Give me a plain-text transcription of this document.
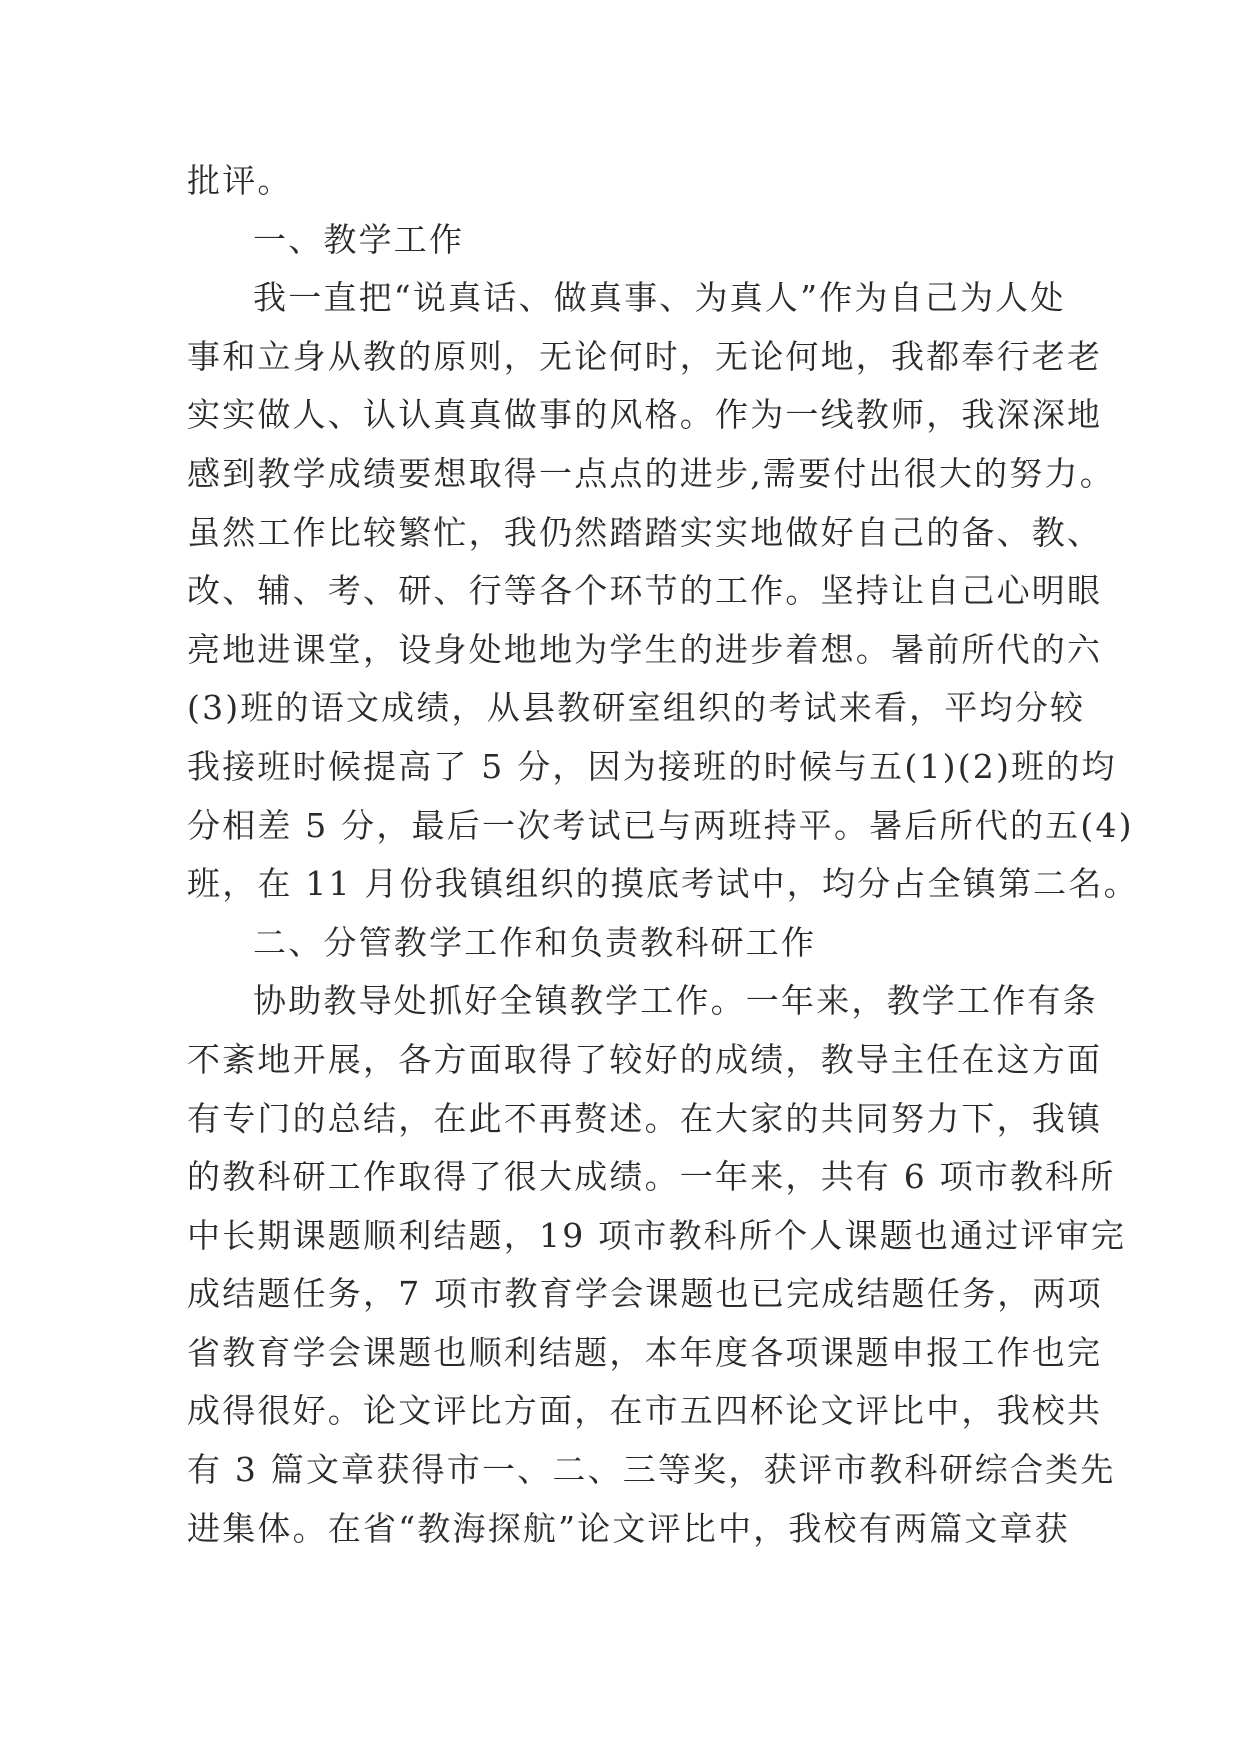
批评。
一、教学工作
我一直把“说真话、做真事、为真人”作为自己为人处
事和立身从教的原则，无论何时，无论何地，我都奉行老老
实实做人、认认真真做事的风格。作为一线教师，我深深地
感到教学成绩要想取得一点点的进步,需要付出很大的努力。
虽然工作比较繁忙，我仍然踏踏实实地做好自己的备、教、
改、辅、考、研、行等各个环节的工作。坚持让自己心明眼
亮地进课堂，设身处地地为学生的进步着想。暑前所代的六
(3)班的语文成绩，从县教研室组织的考试来看，平均分较
我接班时候提高了 5 分，因为接班的时候与五(1)(2)班的均
分相差 5 分，最后一次考试已与两班持平。暑后所代的五(4)
班，在 11 月份我镇组织的摸底考试中，均分占全镇第二名。
二、分管教学工作和负责教科研工作
协助教导处抓好全镇教学工作。一年来，教学工作有条
不紊地开展，各方面取得了较好的成绩，教导主任在这方面
有专门的总结，在此不再赘述。在大家的共同努力下，我镇
的教科研工作取得了很大成绩。一年来，共有 6 项市教科所
中长期课题顺利结题，19 项市教科所个人课题也通过评审完
成结题任务，7 项市教育学会课题也已完成结题任务，两项
省教育学会课题也顺利结题，本年度各项课题申报工作也完
成得很好。论文评比方面，在市五四杯论文评比中，我校共
有 3 篇文章获得市一、二、三等奖，获评市教科研综合类先
进集体。在省“教海探航”论文评比中，我校有两篇文章获
